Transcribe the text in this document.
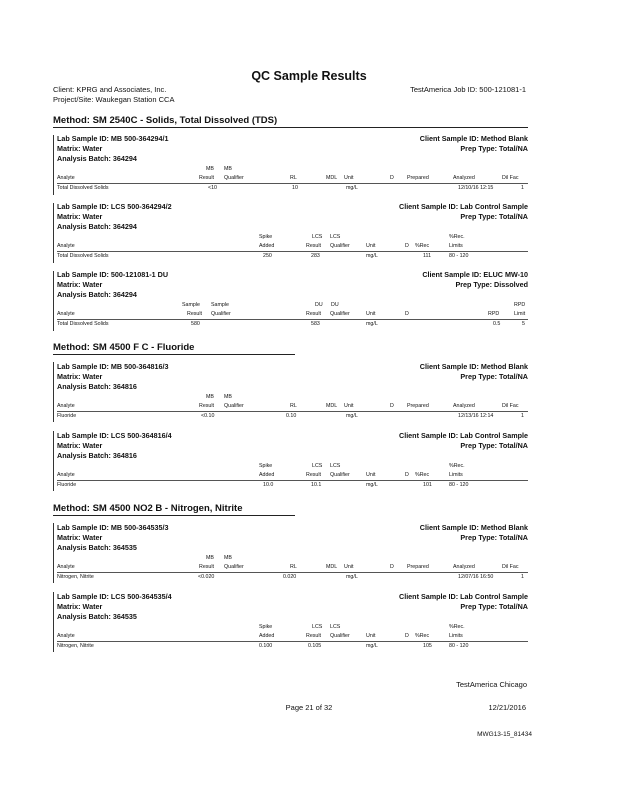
QC Sample Results
Client: KPRG and Associates, Inc.
Project/Site: Waukegan Station CCA
TestAmerica Job ID: 500-121081-1
Method: SM 2540C - Solids, Total Dissolved (TDS)
Lab Sample ID: MB 500-364294/1	Client Sample ID: Method Blank
Matrix: Water	Prep Type: Total/NA
Analysis Batch: 364294
MB MB
Analyte	Result Qualifier	RL	MDL Unit	D Prepared	Analyzed	Dil Fac
Total Dissolved Solids	<10	10	mg/L	12/10/16 12:15	1
Lab Sample ID: LCS 500-364294/2	Client Sample ID: Lab Control Sample
Matrix: Water	Prep Type: Total/NA
Analysis Batch: 364294
Spike	LCS LCS	%Rec.
Analyte	Added	Result Qualifier	Unit	D %Rec	Limits
Total Dissolved Solids	250	283	mg/L	111	80 - 120
Lab Sample ID: 500-121081-1 DU	Client Sample ID: ELUC MW-10
Matrix: Water	Prep Type: Dissolved
Analysis Batch: 364294
Sample Sample	DU DU	RPD
Analyte	Result Qualifier	Result Qualifier	Unit	D	RPD	Limit
Total Dissolved Solids	580	583	mg/L	0.5	5
Method: SM 4500 F C - Fluoride
Lab Sample ID: MB 500-364816/3	Client Sample ID: Method Blank
Matrix: Water	Prep Type: Total/NA
Analysis Batch: 364816
MB MB
Analyte	Result Qualifier	RL	MDL Unit	D Prepared	Analyzed	Dil Fac
Fluoride	<0.10	0.10	mg/L	12/13/16 12:14	1
Lab Sample ID: LCS 500-364816/4	Client Sample ID: Lab Control Sample
Matrix: Water	Prep Type: Total/NA
Analysis Batch: 364816
Spike	LCS LCS	%Rec.
Analyte	Added	Result Qualifier	Unit	D %Rec	Limits
Fluoride	10.0	10.1	mg/L	101	80 - 120
Method: SM 4500 NO2 B - Nitrogen, Nitrite
Lab Sample ID: MB 500-364535/3	Client Sample ID: Method Blank
Matrix: Water	Prep Type: Total/NA
Analysis Batch: 364535
MB MB
Analyte	Result Qualifier	RL	MDL Unit	D Prepared	Analyzed	Dil Fac
Nitrogen, Nitrite	<0.020	0.020	mg/L	12/07/16 16:50	1
Lab Sample ID: LCS 500-364535/4	Client Sample ID: Lab Control Sample
Matrix: Water	Prep Type: Total/NA
Analysis Batch: 364535
Spike	LCS LCS	%Rec.
Analyte	Added	Result Qualifier	Unit	D %Rec	Limits
Nitrogen, Nitrite	0.100	0.105	mg/L	105	80 - 120
TestAmerica Chicago
Page 21 of 32	12/21/2016
MWG13-15_81434
